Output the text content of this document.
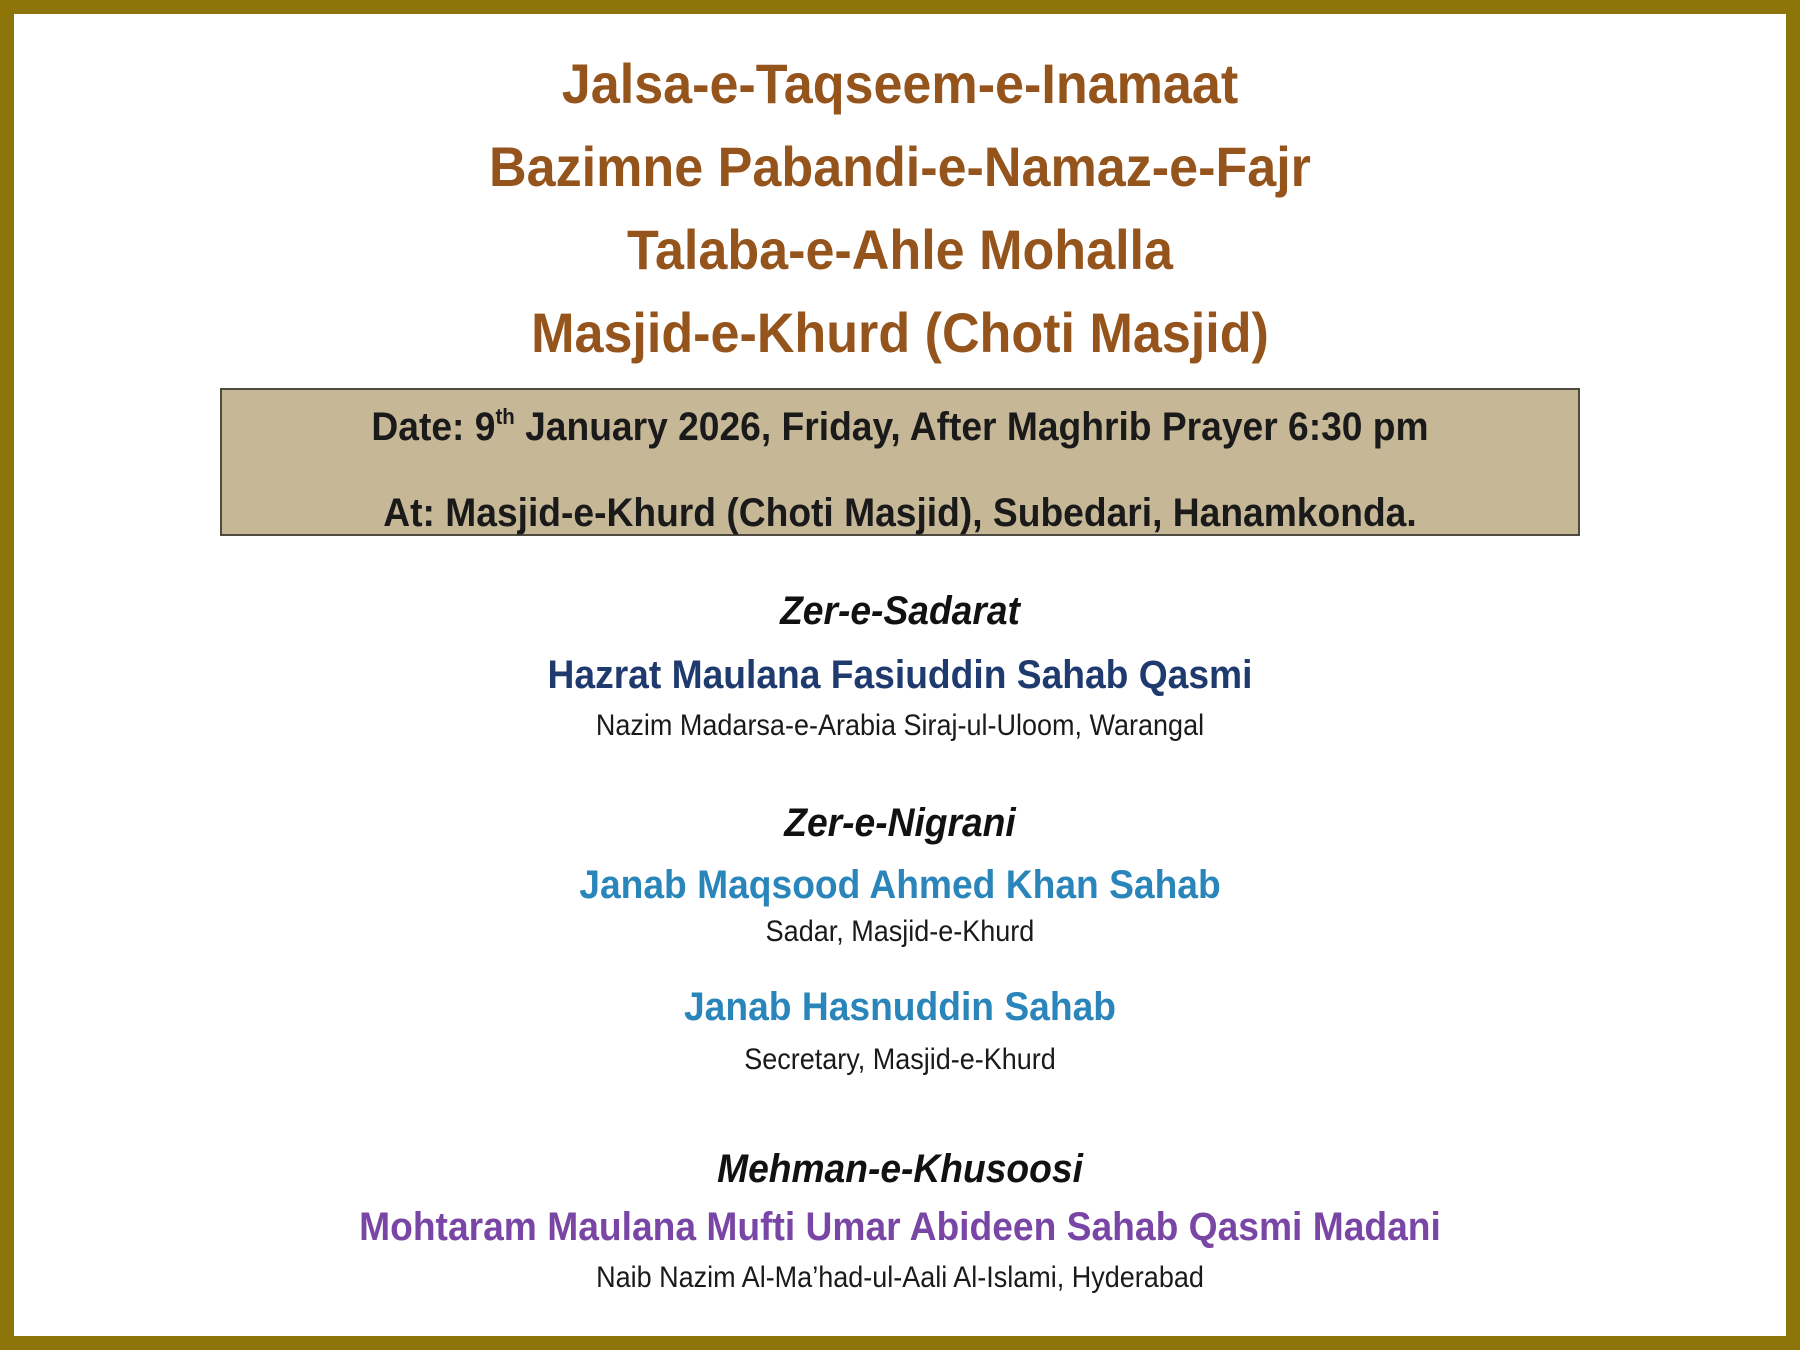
Jalsa-e-Taqseem-e-Inamaat
Bazimne Pabandi-e-Namaz-e-Fajr
Talaba-e-Ahle Mohalla
Masjid-e-Khurd (Choti Masjid)
Date: 9th January 2026, Friday, After Maghrib Prayer 6:30 pm
At: Masjid-e-Khurd (Choti Masjid), Subedari, Hanamkonda.
Zer-e-Sadarat
Hazrat Maulana Fasiuddin Sahab Qasmi
Nazim Madarsa-e-Arabia Siraj-ul-Uloom, Warangal
Zer-e-Nigrani
Janab Maqsood Ahmed Khan Sahab
Sadar, Masjid-e-Khurd
Janab Hasnuddin Sahab
Secretary, Masjid-e-Khurd
Mehman-e-Khusoosi
Mohtaram Maulana Mufti Umar Abideen Sahab Qasmi Madani
Naib Nazim Al-Ma’had-ul-Aali Al-Islami, Hyderabad
